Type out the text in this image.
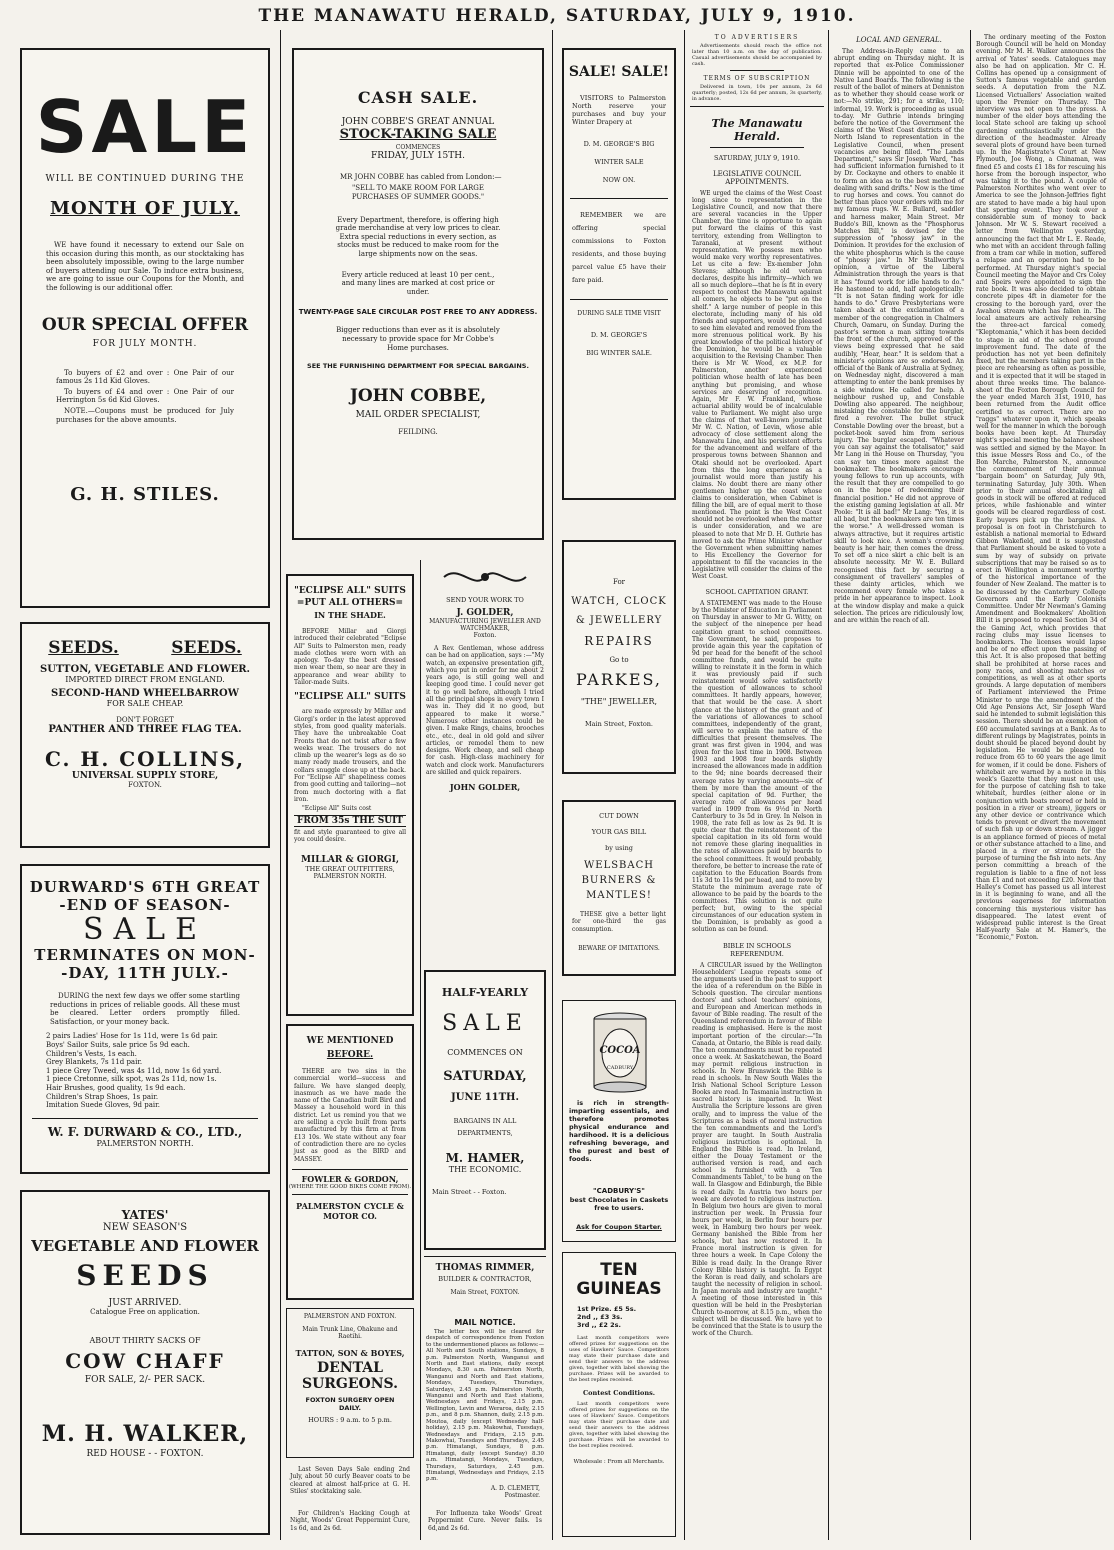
THE MANAWATU HERALD, SATURDAY, JULY 9, 1910.
SALE
WILL BE CONTINUED DURING THE
MONTH OF JULY.

WE have found it necessary to extend our Sale on this occasion during this month, as our stocktaking has been absolutely impossible, owing to the large number of buyers attending our Sale. To induce extra business, we are going to issue our Coupons for the Month, and the following is our additional offer.

OUR SPECIAL OFFER
FOR JULY MONTH.

To buyers of £2 and over : One Pair of our famous 2s 11d Kid Gloves.

To buyers of £4 and over : One Pair of our Herrington 5s 6d Kid Gloves.

NOTE.—Coupons must be produced for July purchases for the above amounts.

G. H. STILES.
SEEDS.	SEEDS.
SUTTON, VEGETABLE AND FLOWER.
IMPORTED DIRECT FROM ENGLAND.
SECOND-HAND WHEELBARROW
FOR SALE CHEAP.
DON'T FORGET
PANTHER AND THREE FLAG TEA.
C. H. COLLINS,
UNIVERSAL SUPPLY STORE,
FOXTON.
DURWARD'S 6TH GREAT
-END OF SEASON-
SALE
TERMINATES ON MON-
-DAY, 11TH JULY.-

DURING the next few days we offer some startling reductions in prices of reliable goods. All these must be cleared. Letter orders promptly filled. Satisfaction, or your money back.

2 pairs Ladies' Hose for 1s 11d, were 1s 6d pair.
Boys' Sailor Suits, sale price 5s 9d each.
Children's Vests, 1s each.
Grey Blankets, 7s 11d pair.
1 piece Grey Tweed, was 4s 11d, now 1s 6d yard.
1 piece Cretonne, silk spot, was 2s 11d, now 1s.
Hair Brushes, good quality, 1s 9d each.
Children's Strap Shoes, 1s pair.
Imitation Suede Gloves, 9d pair.
W. F. DURWARD & CO., LTD.,
PALMERSTON NORTH.
YATES'
NEW SEASON'S
VEGETABLE AND FLOWER
SEEDS
JUST ARRIVED.
Catalogue Free on application.
ABOUT THIRTY SACKS OF
COW CHAFF
FOR SALE, 2/- PER SACK.
M. H. WALKER,
RED HOUSE - - FOXTON.
CASH SALE.
JOHN COBBE'S GREAT ANNUAL
STOCK-TAKING SALE
COMMENCES
FRIDAY, JULY 15TH.

MR JOHN COBBE has cabled from London:—

"SELL TO MAKE ROOM FOR LARGE PURCHASES OF SUMMER GOODS."
Every Department, therefore, is offering high grade merchandise at very low prices to clear. Extra special reductions in every section, as stocks must be reduced to make room for the large shipments now on the seas.
Every article reduced at least 10 per cent., and many lines are marked at cost price or under.
TWENTY-PAGE SALE CIRCULAR POST FREE TO ANY ADDRESS.
Bigger reductions than ever as it is absolutely necessary to provide space for Mr Cobbe's Home purchases.
SEE THE FURNISHING DEPARTMENT FOR SPECIAL BARGAINS.
JOHN COBBE,
MAIL ORDER SPECIALIST,
FEILDING.
"ECLIPSE ALL" SUITS
=PUT ALL OTHERS=
IN THE SHADE.

BEFORE Millar and Giorgi introduced their celebrated "Eclipse All" Suits to Palmerston men, ready made clothes were worn with an apology. To-day the best dressed men wear them, so near are they in appearance and wear ability to Tailor-made Suits.

"ECLIPSE ALL" SUITS

are made expressly by Millar and Giorgi's order in the latest approved styles, from good quality materials. They have the unbreakable Coat Fronts that do not twist after a few weeks wear. The trousers do not climb up the wearer's legs as do so many ready made trousers, and the collars snuggle close up at the back. For "Eclipse All" shapeliness comes from good cutting and tailoring—not from much doctoring with a flat iron.

"Eclipse All" Suits cost

FROM 35s THE SUIT
fit and style guaranteed to give all you could desire.
MILLAR & GIORGI,
THE GREAT OUTFITTERS,
PALMERSTON NORTH.
WE MENTIONED
BEFORE.

THERE are two sins in the commercial world—success and failure. We have slanged deeply, inasmuch as we have made the name of the Canadian built Bird and Massey a household word in this district. Let us remind you that we are selling a cycle built from parts manufactured by this firm at from £13 10s. We state without any fear of contradiction there are no cycles just as good as the BIRD and MASSEY.

FOWLER & GORDON,
(WHERE THE GOOD BIKES COME FROM).
PALMERSTON CYCLE & MOTOR CO.
PALMERSTON AND FOXTON.
Main Trunk Line, Ohakune and Raetihi.
TATTON, SON & BOYES,
DENTAL SURGEONS.
FOXTON SURGERY OPEN DAILY.
HOURS : 9 a.m. to 5 p.m.

Last Seven Days Sale ending 2nd July, about 50 curly Beaver coats to be cleared at almost half-price at G. H. Stiles' stocktaking sale.

For Children's Hacking Cough at Night, Woods' Great Peppermint Cure, 1s 6d, and 2s 6d.

SEND YOUR WORK TO
J. GOLDER,
MANUFACTURING JEWELLER AND WATCHMAKER,
Foxton.

A Rev. Gentleman, whose address can be had on application, says :—"My watch, an expensive presentation gift, which you put in order for me about 2 years ago, is still going well and keeping good time. I could never get it to go well before, although I tried all the principal shops in every town I was in. They did it no good, but appeared to make it worse." Numerous other instances could be given. I make Rings, chains, brooches etc., etc., deal in old gold and silver articles, or remodel them to new designs. Work cheap, and sell cheap for cash. High-class machinery for watch and clock work. Manufacturers are skilled and quick repairers.

JOHN GOLDER,
HALF-YEARLY
SALE
COMMENCES ON
SATURDAY,
JUNE 11TH.
BARGAINS IN ALL DEPARTMENTS,
M. HAMER,
THE ECONOMIC.
Main Street - - Foxton.
THOMAS RIMMER,
BUILDER & CONTRACTOR,
Main Street, FOXTON.
MAIL NOTICE.

The letter box will be cleared for despatch of correspondence from Foxton to the undermentioned places as follows:— All North and South stations, Sundays, 8 p.m. Palmerston North, Wanganui and North and East stations, daily except Mondays, 8.30 a.m. Palmerston North, Wanganui and North and East stations, Mondays, Tuesdays, Thursdays, Saturdays, 2.45 p.m. Palmerston North, Wanganui and North and East stations, Wednesdays and Fridays, 2.15 p.m. Wellington, Levin and Weraroa, daily, 2.15 p.m., and 8 p.m. Shannon, daily, 2.15 p.m. Moutoa, daily (except Wednesday half-holiday), 2.15 p.m. Makowhai, Tuesdays, Wednesdays and Fridays, 2.15 p.m. Makowhai, Tuesdays and Thursdays, 2.45 p.m. Himatangi, Sundays, 8 p.m. Himatangi, daily (except Sunday) 8.30 a.m. Himatangi, Mondays, Tuesdays, Thursdays, Saturdays, 2.45 p.m. Himatangi, Wednesdays and Fridays, 2.15 p.m.

A. D. CLEMETT,
Postmaster.

For Influenza take Woods' Great Peppermint Cure. Never fails. 1s 6d,and 2s 6d.

SALE! SALE!

VISITORS to Palmerston North reserve your purchases and buy your Winter Drapery at

D. M. GEORGE'S BIG
WINTER SALE
NOW ON.

REMEMBER we are offering special commissions to Foxton residents, and those buying parcel value £5 have their fare paid.

DURING SALE TIME VISIT
D. M. GEORGE'S
BIG WINTER SALE.
For
WATCH, CLOCK
& JEWELLERY
REPAIRS
Go to
PARKES,
"THE" JEWELLER,
Main Street, Foxton.
CUT DOWN
YOUR GAS BILL
by using
WELSBACH
BURNERS &
MANTLES!

THESE give a better light for one-third the gas consumption.

BEWARE OF IMITATIONS.
COCOA
CADBURY

is rich in strength-imparting essentials, and therefore promotes physical endurance and hardihood. It is a delicious refreshing beverage, and the purest and best of foods.

"CADBURY'S"
best Chocolates in Caskets free to users.
Ask for Coupon Starter.
TEN GUINEAS
1st Prize. £5 5s.
2nd ,, £3 3s.
3rd ,, £2 2s.

Last month competitors were offered prizes for suggestions on the uses of Hawkers' Sauce. Competitors may state their purchase date and send their answers to the address given, together with label showing the purchase. Prizes will be awarded to the best replies received.

Contest Conditions.

Last month competitors were offered prizes for suggestions on the uses of Hawkers' Sauce. Competitors may state their purchase date and send their answers to the address given, together with label showing the purchase. Prizes will be awarded to the best replies received.

Wholesale : From all Merchants.
TO ADVERTISERS

Advertisements should reach the office not later than 10 a.m. on the day of publication. Casual advertisements should be accompanied by cash.

TERMS OF SUBSCRIPTION

Delivered in town, 10s per annum, 2s 6d quarterly; posted, 12s 6d per annum, 3s quarterly, in advance.

The Manawatu Herald.
SATURDAY, JULY 9, 1910.
LEGISLATIVE COUNCIL APPOINTMENTS.

WE urged the claims of the West Coast long since to representation in the Legislative Council, and now that there are several vacancies in the Upper Chamber, the time is opportune to again put forward the claims of this vast territory, extending from Wellington to Taranaki, at present without representation. We possess men who would make very worthy representatives. Let us cite a few: Ex-member John Stevens; although he old veteran declares, despite his infirmity—which we all so much deplore—that he is fit in every respect to contest the Manawatu against all comers, he objects to be "put on the shelf." A large number of people in this electorate, including many of his old friends and supporters, would be pleased to see him elevated and removed from the more strenuous political work. By his great knowledge of the political history of the Dominion, he would be a valuable acquisition to the Revising Chamber. Then there is Mr W. Wood, ex M.P. for Palmerston, another experienced politician whose health of late has been anything but promising, and whose services are deserving of recognition. Again, Mr F. W. Frankland, whose actuarial ability would be of incalculable value to Parliament. We might also urge the claims of that well-known journalist Mr W. C. Nation, of Levin, whose able advocacy of close settlement along the Manawatu Line, and his persistent efforts for the advancement and welfare of the prosperous towns between Shannon and Otaki should not be overlooked. Apart from this the long experience as a journalist would more than justify his claims. No doubt there are many other gentlemen higher up the coast whose claims to consideration, when Cabinet is filling the bill, are of equal merit to those mentioned. The point is the West Coast should not be overlooked when the matter is under consideration, and we are pleased to note that Mr D. H. Guthrie has moved to ask the Prime Minister whether the Government when submitting names to His Excellency the Governor for appointment to fill the vacancies in the Legislative will consider the claims of the West Coast.

SCHOOL CAPITATION GRANT.

A STATEMENT was made to the House by the Minister of Education in Parliament on Thursday in answer to Mr G. Witty, on the subject of the ninepence per head capitation grant to school committees. The Government, he said, proposes to provide again this year the capitation of 9d per head for the benefit of the school committee funds, and would be quite willing to reinstate it in the form in which it was previously paid if such reinstatement would solve satisfactorily the question of allowances to school committees. It hardly appears, however, that that would be the case. A short glance at the history of the grant and of the variations of allowances to school committees, independently of the grant, will serve to explain the nature of the difficulties that present themselves. The grant was first given in 1904, and was given for the last time in 1908. Between 1903 and 1908 four boards slightly increased the allowances made in addition to the 9d; nine boards decreased their average rates by varying amounts—six of them by more than the amount of the special capitation of 9d. Further, the average rate of allowances per head varied in 1909 from 6s 9½d in North Canterbury to 3s 5d in Grey. In Nelson in 1908, the rate fell as low as 2s 9d. It is quite clear that the reinstatement of the special capitation in its old form would not remove these glaring inequalities in the rates of allowances paid by boards to the school committees. It would probably, therefore, be better to increase the rate of capitation to the Education Boards from 11s 3d to 11s 9d per head, and to move by Statute the minimum average rate of allowance to be paid by the boards to the committees. This solution is not quite perfect; but, owing to the special circumstances of our education system in the Dominion, is probably as good a solution as can be found.

BIBLE IN SCHOOLS REFERENDUM.

A CIRCULAR issued by the Wellington Householders' League repeats some of the arguments used in the past to support the idea of a referendum on the Bible in Schools question. The circular mentions doctors' and school teachers' opinions, and European and American methods in favour of Bible reading. The result of the Queensland referendum in favour of Bible reading is emphasised. Here is the most important portion of the circular:—"In Canada, at Ontario, the Bible is read daily. The ten commandments must be repeated once a week. At Saskatchewan, the Board may permit religious instruction in schools. In New Brunswick the Bible is read in schools. In New South Wales the Irish National School Scripture Lesson Books are read. In Tasmania instruction in sacred history is imparted. In West Australia the Scripture lessons are given orally, and to impress the value of the Scriptures as a basis of moral instruction the ten commandments and the Lord's prayer are taught. In South Australia religious instruction is optional. In England the Bible is read. In Ireland, either the Douay Testament or the authorised version is read, and each school is furnished with a 'Ten Commandments Tablet,' to be hung on the wall. In Glasgow and Edinburgh, the Bible is read daily. In Austria two hours per week are devoted to religious instruction. In Belgium two hours are given to moral instruction per week. In Prussia four hours per week, in Berlin four hours per week, in Hamburg two hours per week. Germany banished the Bible from her schools, but has now restored it. In France moral instruction is given for three hours a week. In Cape Colony the Bible is read daily. In the Orange River Colony Bible history is taught. In Egypt the Koran is read daily, and scholars are taught the necessity of religion in school. In Japan morals and industry are taught." A meeting of those interested in this question will be held in the Presbyterian Church to-morrow, at 8.15 p.m., when the subject will be discussed. We have yet to be convinced that the State is to usurp the work of the Church.

LOCAL AND GENERAL.

The Address-in-Reply came to an abrupt ending on Thursday night. It is reported that ex-Police Commissioner Dinnie will be appointed to one of the Native Land Boards. The following is the result of the ballot of miners at Denniston as to whether they should cease work or not:—No strike, 291; for a strike, 110; informal, 19. Work is proceeding as usual to-day. Mr Guthrie intends bringing before the notice of the Government the claims of the West Coast districts of the North Island to representation in the Legislative Council, when present vacancies are being filled. "The Lands Department," says Sir Joseph Ward, "has had sufficient information furnished to it by Dr. Cockayne and others to enable it to form an idea as to the best method of dealing with sand drifts." Now is the time to rug horses and cows. You cannot do better than place your orders with me for my famous rugs. W. E. Bullard, saddler and harness maker, Main Street. Mr Buddo's Bill, known as the "Phosphorus Matches Bill," is devised for the suppression of "phossy jaw" in the Dominion. It provides for the exclusion of the white phosphorus which is the cause of "phossy jaw." In Mr Stallworthy's opinion, a virtue of the Liberal Administration through the years is that it has "found work for idle hands to do." He hastened to add, half apologetically: "It is not Satan finding work for idle hands to do." Grave Presbyterians were taken aback at the exclamation of a member of the congregation in Chalmers Church, Oamaru, on Sunday. During the pastor's sermon a man sitting towards the front of the church, approved of the views being expressed that he said audibly, "Hear, hear." It is seldom that a minister's opinions are so endorsed. An official of the Bank of Australia at Sydney, on Wednesday night, discovered a man attempting to enter the bank premises by a side window. He called for help. A neighbour rushed up, and Constable Dowling also appeared. The neighbour, mistaking the constable for the burglar, fired a revolver. The bullet struck Constable Dowling over the breast, but a pocket-book saved him from serious injury. The burglar escaped. "Whatever you can say against the totalisator," said Mr Lang in the House on Thursday, "you can say ten times more against the bookmaker. The bookmakers encourage young fellows to run up accounts, with the result that they are compelled to go on in the hope of redeeming their financial position." He did not approve of the existing gaming legislation at all. Mr Poole: "It is all bad!" Mr Lang: "Yes, it is all bad, but the bookmakers are ten times the worse." A well-dressed woman is always attractive, but it requires artistic skill to look nice. A woman's crowning beauty is her hair, then comes the dress. To set off a nice skirt a chic belt is an absolute necessity. Mr W. E. Bullard recognised this fact by securing a consignment of travellers' samples of these dainty articles, which we recommend every female who takes a pride in her appearance to inspect. Look at the window display and make a quick selection. The prices are ridiculously low, and are within the reach of all.

The ordinary meeting of the Foxton Borough Council will be held on Monday evening. Mr M. H. Walker announces the arrival of Yates' seeds. Catalogues may also be had on application. Mr C. H. Collins has opened up a consignment of Sutton's famous vegetable and garden seeds. A deputation from the N.Z. Licensed Victuallers' Association waited upon the Premier on Thursday. The interview was not open to the press. A number of the elder boys attending the local State school are taking up school gardening enthusiastically under the direction of the headmaster. Already several plots of ground have been turned up. In the Magistrate's Court at New Plymouth, Joe Wong, a Chinaman, was fined £5 and costs £1 18s for rescuing his horse from the borough inspector, who was taking it to the pound. A couple of Palmerston Northites who went over to America to see the Johnson-Jeffries fight are stated to have made a big haul upon that sporting event. They took over a considerable sum of money to back Johnson. Mr W. S. Stewart received a letter from Wellington yesterday, announcing the fact that Mr L. E. Reade, who met with an accident through falling from a tram car while in motion, suffered a relapse and an operation had to be performed. At Thursday night's special Council meeting the Mayor and Crs Coley and Speirs were appointed to sign the rate book. It was also decided to obtain concrete pipes 4ft in diameter for the crossing to the borough yard, over the Awahou stream which has fallen in. The local amateurs are actively rehearsing the three-act farcical comedy, "Kleptomania," which it has been decided to stage in aid of the school ground improvement fund. The date of the production has not yet been definitely fixed, but the members taking part in the piece are rehearsing as often as possible, and it is expected that it will be staged in about three weeks time. The balance-sheet of the Foxton Borough Council for the year ended March 31st, 1910, has been returned from the Audit office certified to as correct. There are no "raggs" whatever upon it, which speaks well for the manner in which the borough books have been kept. At Thursday night's special meeting the balance-sheet was settled and signed by the Mayor. In this issue Messrs Ross and Co., of the Bon Marche, Palmerston N., announce the commencement of their annual "bargain boom" on Saturday, July 9th, terminating Saturday, July 30th. When prior to their annual stocktaking all goods in stock will be offered at reduced prices, while fashionable and winter goods will be cleared regardless of cost. Early buyers pick up the bargains. A proposal is on foot in Christchurch to establish a national memorial to Edward Gibbon Wakefield, and it is suggested that Parliament should be asked to vote a sum by way of subsidy on private subscriptions that may be raised so as to erect in Wellington a monument worthy of the historical importance of the founder of New Zealand. The matter is to be discussed by the Canterbury College Governors and the Early Colonists Committee. Under Mr Newman's Gaming Amendment and Bookmakers' Abolition Bill it is proposed to repeal Section 34 of the Gaming Act, which provides that racing clubs may issue licenses to bookmakers. The licenses would lapse and be of no effect upon the passing of this Act. It is also proposed that betting shall be prohibited at horse races and pony races, and shooting matches or competitions, as well as at other sports grounds. A large deputation of members of Parliament interviewed the Prime Minister to urge the amendment of the Old Age Pensions Act, Sir Joseph Ward said he intended to submit legislation this session. There should be an exemption of £60 accumulated savings at a Bank. As to different rulings by Magistrates, points in doubt should be placed beyond doubt by legislation. He would be pleased to reduce from 65 to 60 years the age limit for women, if it could be done. Fishers of whitebait are warned by a notice in this week's Gazette that they must not use, for the purpose of catching fish to take whitebait, hurdles (either alone or in conjunction with boats moored or held in position in a river or stream), jiggers or any other device or contrivance which tends to prevent or divert the movement of such fish up or down stream. A jigger is an appliance formed of pieces of metal or other substance attached to a line, and placed in a river or stream for the purpose of turning the fish into nets. Any person committing a breach of the regulation is liable to a fine of not less than £1 and not exceeding £20. Now that Halley's Comet has passed us all interest in it is beginning to wane, and all the previous eagerness for information concerning this mysterious visitor has disappeared. The latest event of widespread public interest is the Great Half-yearly Sale at M. Hamer's, the "Economic," Foxton.
